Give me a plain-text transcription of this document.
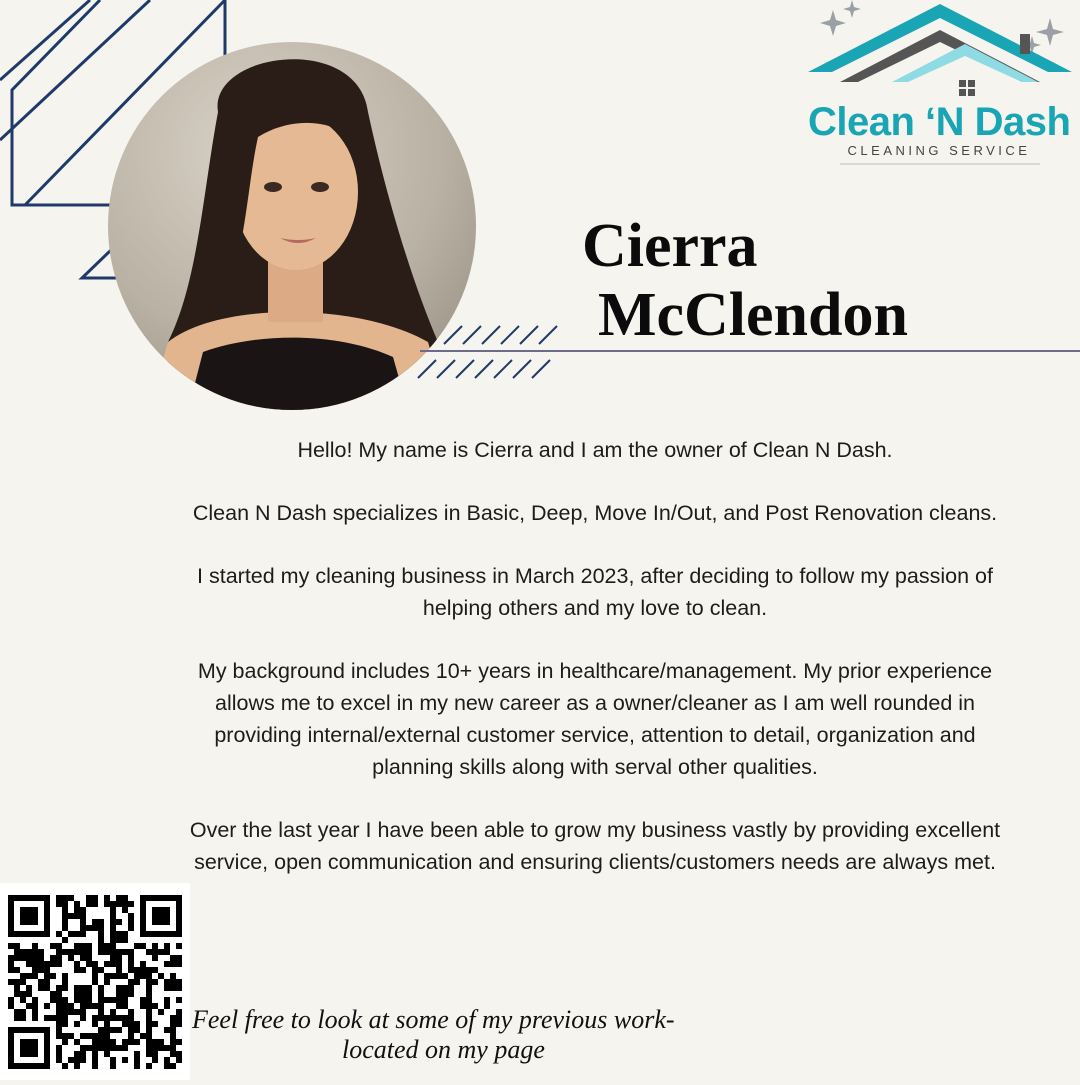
Clean ‘N Dash
CLEANING SERVICE
Cierra
McClendon

Hello! My name is Cierra and I am the owner of Clean N Dash.

Clean N Dash specializes in Basic, Deep, Move In/Out, and Post Renovation cleans.

I started my cleaning business in March 2023, after deciding to follow my passion of helping others and my love to clean.

My background includes 10+ years in healthcare/management. My prior experience allows me to excel in my new career as a owner/cleaner as I am well rounded in providing internal/external customer service, attention to detail, organization and planning skills along with serval other qualities.

Over the last year I have been able to grow my business vastly by providing excellent service, open communication and ensuring clients/customers needs are always met.

Feel free to look at some of my previous work-
located on my page
